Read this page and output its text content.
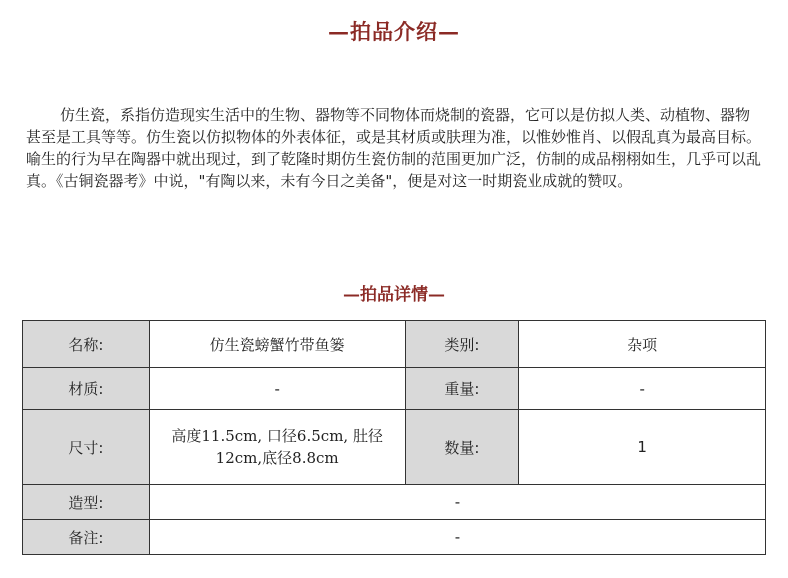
—拍品介绍—

仿生瓷，系指仿造现实生活中的生物、器物等不同物体而烧制的瓷器，它可以是仿拟人类、动植物、器物甚至是工具等等。仿生瓷以仿拟物体的外表体征，或是其材质或肤理为准，以惟妙惟肖、以假乱真为最高目标。喻生的行为早在陶器中就出现过，到了乾隆时期仿生瓷仿制的范围更加广泛，仿制的成品栩栩如生，几乎可以乱真。《古铜瓷器考》中说，"有陶以来，未有今日之美备"，便是对这一时期瓷业成就的赞叹。

—拍品详情—
名称:	仿生瓷螃蟹竹带鱼篓	类别:	杂项
材质:	-	重量:	-
尺寸:	高度11.5cm, 口径6.5cm, 肚径12cm,底径8.8cm	数量:	1
造型:	-		
备注:	-		
